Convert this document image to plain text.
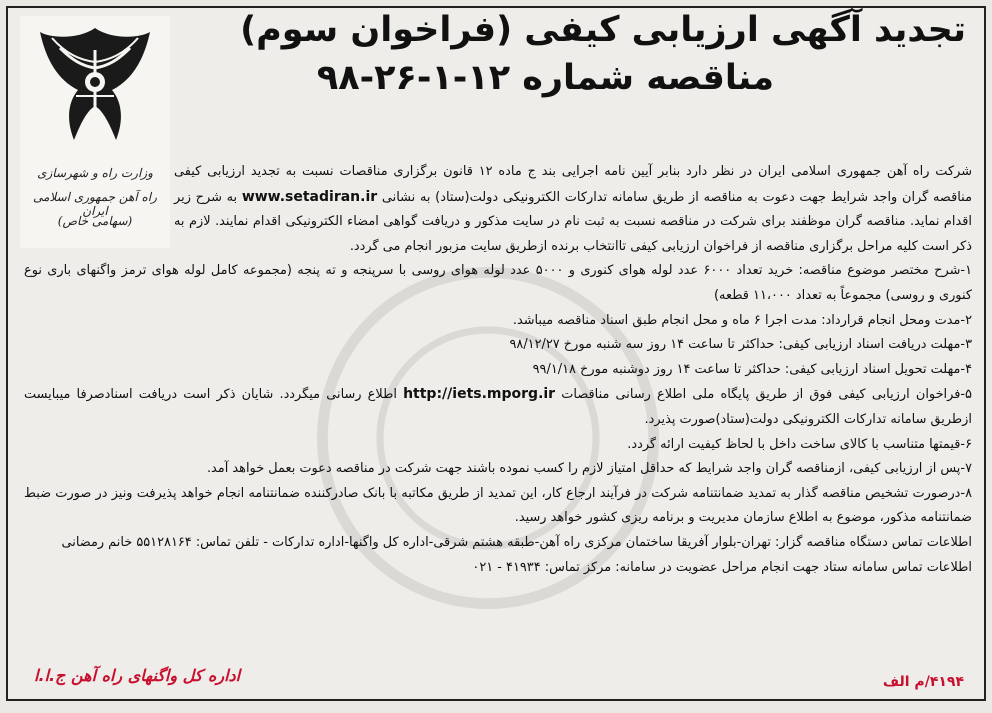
وزارت راه و شهرسازی
راه آهن جمهوری اسلامی ایران
(سهامی خاص)
تجدید آگهی ارزیابی کیفی (فراخوان سوم)
مناقصه شماره ۱۲-۱-۲۶-۹۸

شرکت راه آهن جمهوری اسلامی ایران در نظر دارد بنابر آیین نامه اجرایی بند ج ماده ۱۲ قانون برگزاری مناقصات نسبت به تجدید ارزیابی کیفی مناقصه گران واجد شرایط جهت دعوت به مناقصه از طریق سامانه تدارکات الکترونیکی دولت(ستاد) به نشانی www.setadiran.ir به شرح زیر اقدام نماید. مناقصه گران موظفند برای شرکت در مناقصه نسبت به ثبت نام در سایت مذکور و دریافت گواهی امضاء الکترونیکی اقدام نمایند. لازم به ذکر است کلیه مراحل برگزاری مناقصه از فراخوان ارزیابی کیفی تاانتخاب برنده ازطریق سایت مزبور انجام می گردد.

۱-شرح مختصر موضوع مناقصه: خرید تعداد ۶۰۰۰ عدد لوله هوای کنوری و ۵۰۰۰ عدد لوله هوای روسی با سرپنجه و ته پنجه (مجموعه کامل لوله هوای ترمز واگنهای باری نوع کنوری و روسی) مجموعاً به تعداد ۱۱،۰۰۰ قطعه)

۲-مدت ومحل انجام قرارداد: مدت اجرا ۶ ماه و محل انجام طبق اسناد مناقصه میباشد.

۳-مهلت دریافت اسناد ارزیابی کیفی: حداکثر تا ساعت ۱۴ روز سه شنبه مورخ ۹۸/۱۲/۲۷

۴-مهلت تحویل اسناد ارزیابی کیفی: حداکثر تا ساعت ۱۴ روز دوشنبه مورخ ۹۹/۱/۱۸

۵-فراخوان ارزیابی کیفی فوق از طریق پایگاه ملی اطلاع رسانی مناقصات http://iets.mporg.ir اطلاع رسانی میگردد. شایان ذکر است دریافت اسنادصرفا میبایست ازطریق سامانه تدارکات الکترونیکی دولت(ستاد)صورت پذیرد.

۶-قیمتها متناسب با کالای ساخت داخل با لحاظ کیفیت ارائه گردد.

۷-پس از ارزیابی کیفی، ازمناقصه گران واجد شرایط که حداقل امتیاز لازم را کسب نموده باشند جهت شرکت در مناقصه دعوت بعمل خواهد آمد.

۸-درصورت تشخیص مناقصه گذار به تمدید ضمانتنامه شرکت در فرآیند ارجاع کار، این تمدید از طریق مکاتبه با بانک صادرکننده ضمانتنامه انجام خواهد پذیرفت ونیز در صورت ضبط ضمانتنامه مذکور، موضوع به اطلاع سازمان مدیریت و برنامه ریزی کشور خواهد رسید.

اطلاعات تماس دستگاه مناقصه گزار: تهران-بلوار آفریقا ساختمان مرکزی راه آهن-طبقه هشتم شرقی-اداره کل واگنها-اداره تدارکات - تلفن تماس: ۵۵۱۲۸۱۶۴ خانم رمضانی

اطلاعات تماس سامانه ستاد جهت انجام مراحل عضویت در سامانه: مرکز تماس: ۴۱۹۳۴ - ۰۲۱

اداره کل واگنهای راه آهن ج.ا.ا	۴۱۹۴/م الف
